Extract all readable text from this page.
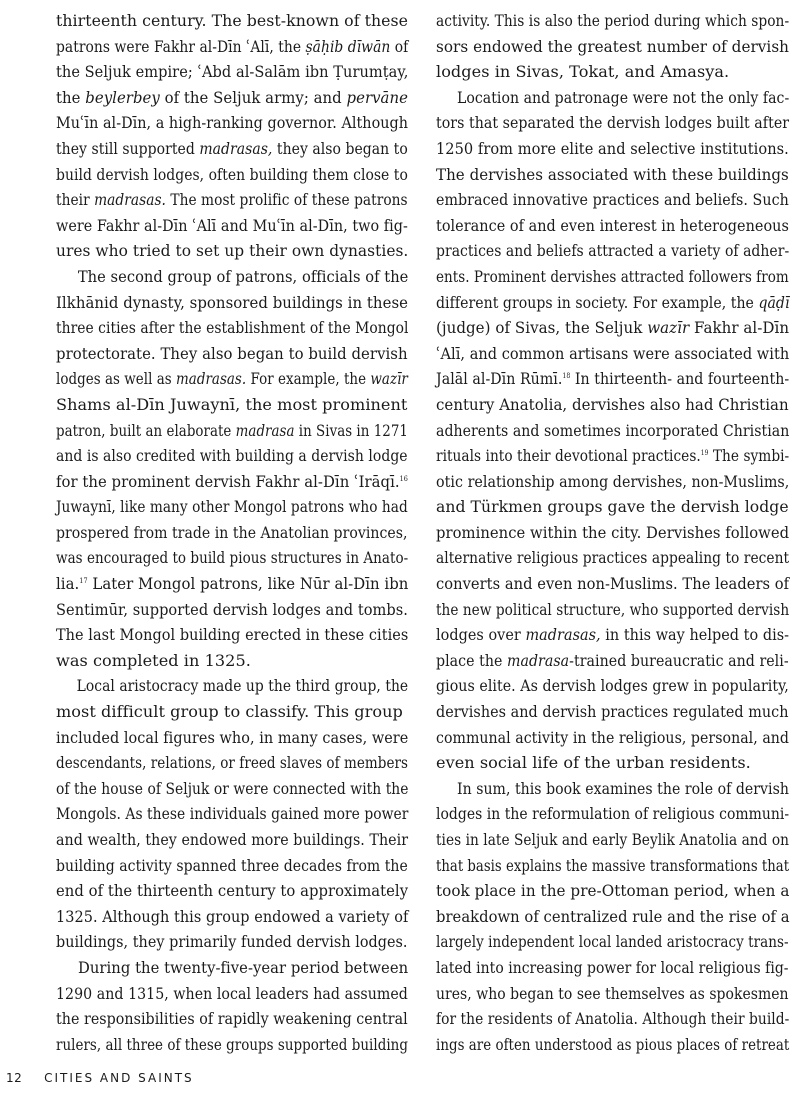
thirteenth century. The best-known of these
patrons were Fakhr al-Dīn ʿAlī, the ṣāḥib dīwān of
the Seljuk empire; ʿAbd al-Salām ibn Ṭurumṭay,
the beylerbey of the Seljuk army; and pervāne
Muʿīn al-Dīn, a high-ranking governor. Although
they still supported madrasas, they also began to
build dervish lodges, often building them close to
their madrasas. The most prolific of these patrons
were Fakhr al-Dīn ʿAlī and Muʿīn al-Dīn, two fig-
ures who tried to set up their own dynasties.
The second group of patrons, officials of the
Ilkhānid dynasty, sponsored buildings in these
three cities after the establishment of the Mongol
protectorate. They also began to build dervish
lodges as well as madrasas. For example, the wazīr
Shams al-Dīn Juwaynī, the most prominent
patron, built an elaborate madrasa in Sivas in 1271
and is also credited with building a dervish lodge
for the prominent dervish Fakhr al-Dīn ʿIrāqī.$^{16}$
Juwaynī, like many other Mongol patrons who had
prospered from trade in the Anatolian provinces,
was encouraged to build pious structures in Anato-
lia.$^{17}$ Later Mongol patrons, like Nūr al-Dīn ibn
Sentimūr, supported dervish lodges and tombs.
The last Mongol building erected in these cities
was completed in 1325.
Local aristocracy made up the third group, the
most difficult group to classify. This group
included local figures who, in many cases, were
descendants, relations, or freed slaves of members
of the house of Seljuk or were connected with the
Mongols. As these individuals gained more power
and wealth, they endowed more buildings. Their
building activity spanned three decades from the
end of the thirteenth century to approximately
1325. Although this group endowed a variety of
buildings, they primarily funded dervish lodges.
During the twenty-five-year period between
1290 and 1315, when local leaders had assumed
the responsibilities of rapidly weakening central
rulers, all three of these groups supported building
activity. This is also the period during which spon-
sors endowed the greatest number of dervish
lodges in Sivas, Tokat, and Amasya.
Location and patronage were not the only fac-
tors that separated the dervish lodges built after
1250 from more elite and selective institutions.
The dervishes associated with these buildings
embraced innovative practices and beliefs. Such
tolerance of and even interest in heterogeneous
practices and beliefs attracted a variety of adher-
ents. Prominent dervishes attracted followers from
different groups in society. For example, the qāḍī
(judge) of Sivas, the Seljuk wazīr Fakhr al-Dīn
ʿAlī, and common artisans were associated with
Jalāl al-Dīn Rūmī.$^{18}$ In thirteenth- and fourteenth-
century Anatolia, dervishes also had Christian
adherents and sometimes incorporated Christian
rituals into their devotional practices.$^{19}$ The symbi-
otic relationship among dervishes, non-Muslims,
and Türkmen groups gave the dervish lodge
prominence within the city. Dervishes followed
alternative religious practices appealing to recent
converts and even non-Muslims. The leaders of
the new political structure, who supported dervish
lodges over madrasas, in this way helped to dis-
place the madrasa-trained bureaucratic and reli-
gious elite. As dervish lodges grew in popularity,
dervishes and dervish practices regulated much
communal activity in the religious, personal, and
even social life of the urban residents.
In sum, this book examines the role of dervish
lodges in the reformulation of religious communi-
ties in late Seljuk and early Beylik Anatolia and on
that basis explains the massive transformations that
took place in the pre-Ottoman period, when a
breakdown of centralized rule and the rise of a
largely independent local landed aristocracy trans-
lated into increasing power for local religious fig-
ures, who began to see themselves as spokesmen
for the residents of Anatolia. Although their build-
ings are often understood as pious places of retreat
12 CITIES AND SAINTS
